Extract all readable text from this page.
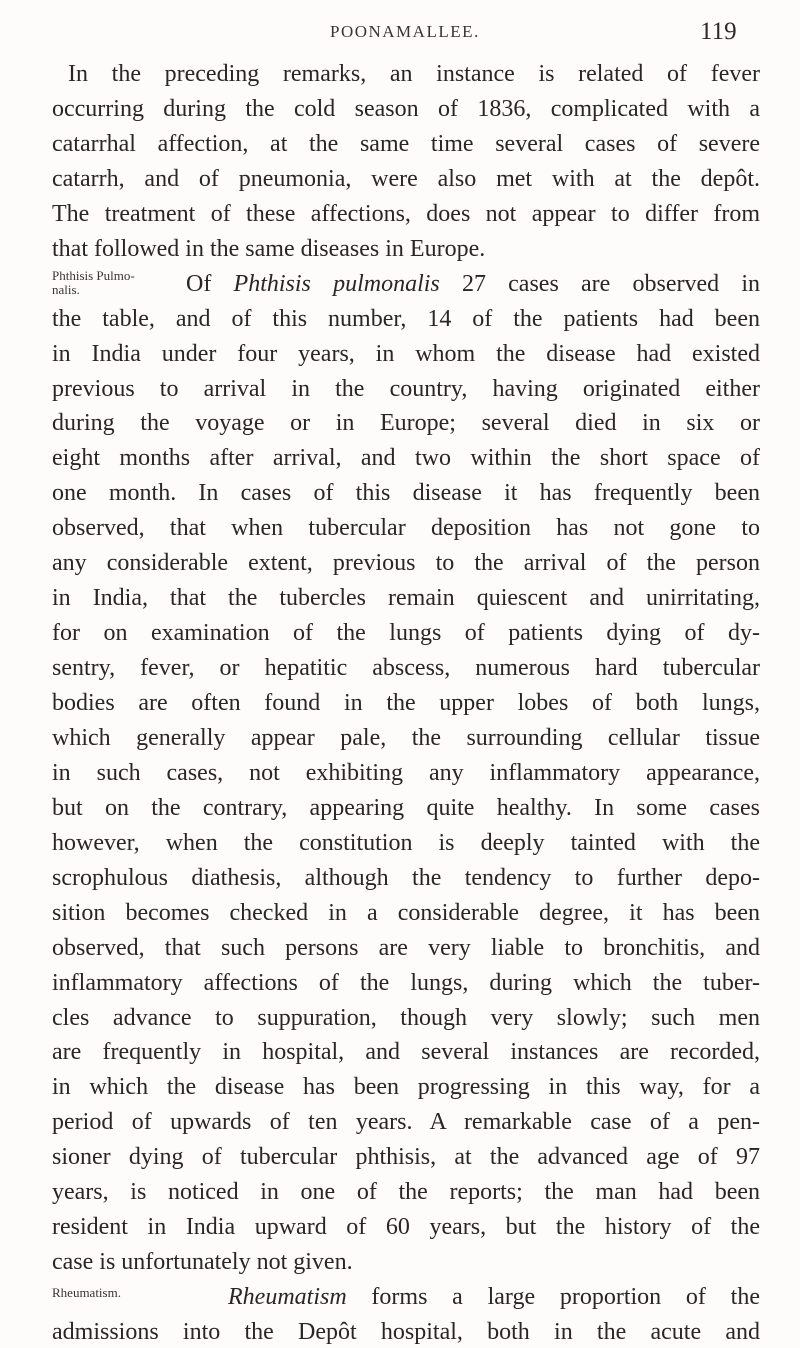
POONAMALLEE.	119
In the preceding remarks, an instance is related of fever
occurring during the cold season of 1836, complicated with a
catarrhal affection, at the same time several cases of severe
catarrh, and of pneumonia, were also met with at the depôt.
The treatment of these affections, does not appear to differ from
that followed in the same diseases in Europe.
Phthisis Pulmo-
nalis.	Of Phthisis pulmonalis 27 cases are observed in
the table, and of this number, 14 of the patients had been
in India under four years, in whom the disease had existed
previous to arrival in the country, having originated either
during the voyage or in Europe; several died in six or
eight months after arrival, and two within the short space of
one month. In cases of this disease it has frequently been
observed, that when tubercular deposition has not gone to
any considerable extent, previous to the arrival of the person
in India, that the tubercles remain quiescent and unirritating,
for on examination of the lungs of patients dying of dy-
sentry, fever, or hepatitic abscess, numerous hard tubercular
bodies are often found in the upper lobes of both lungs,
which generally appear pale, the surrounding cellular tissue
in such cases, not exhibiting any inflammatory appearance,
but on the contrary, appearing quite healthy. In some cases
however, when the constitution is deeply tainted with the
scrophulous diathesis, although the tendency to further depo-
sition becomes checked in a considerable degree, it has been
observed, that such persons are very liable to bronchitis, and
inflammatory affections of the lungs, during which the tuber-
cles advance to suppuration, though very slowly; such men
are frequently in hospital, and several instances are recorded,
in which the disease has been progressing in this way, for a
period of upwards of ten years. A remarkable case of a pen-
sioner dying of tubercular phthisis, at the advanced age of 97
years, is noticed in one of the reports; the man had been
resident in India upward of 60 years, but the history of the
case is unfortunately not given.
Rheumatism.	Rheumatism forms a large proportion of the
admissions into the Depôt hospital, both in the acute and
